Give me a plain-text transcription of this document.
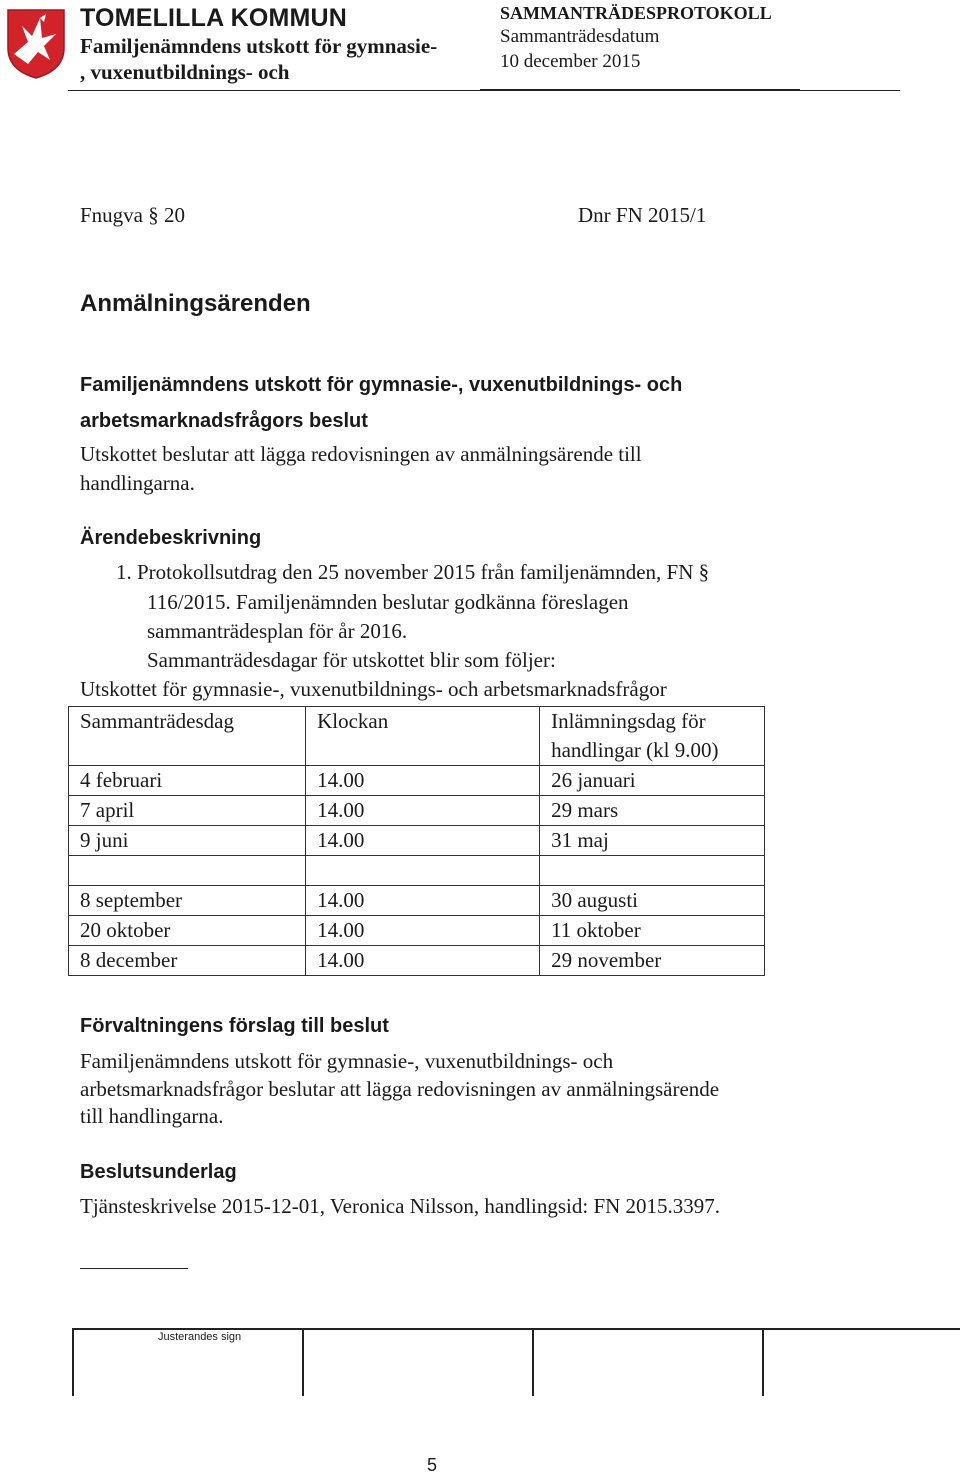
TOMELILLA KOMMUN
Familjenämndens utskott för gymnasie-
, vuxenutbildnings- och
SAMMANTRÄDESPROTOKOLL
Sammanträdesdatum
10 december 2015
Fnugva § 20	Dnr FN 2015/1
Anmälningsärenden
Familjenämndens utskott för gymnasie-, vuxenutbildnings- och
arbetsmarknadsfrågors beslut
Utskottet beslutar att lägga redovisningen av anmälningsärende till
handlingarna.
Ärendebeskrivning
1. Protokollsutdrag den 25 november 2015 från familjenämnden, FN §
116/2015. Familjenämnden beslutar godkänna föreslagen
sammanträdesplan för år 2016.
Sammanträdesdagar för utskottet blir som följer:
Utskottet för gymnasie-, vuxenutbildnings- och arbetsmarknadsfrågor
Sammanträdesdag	Klockan	Inlämningsdag för
handlingar (kl 9.00)

4 februari	14.00	26 januari
7 april	14.00	29 mars
9 juni	14.00	31 maj

8 september	14.00	30 augusti
20 oktober	14.00	11 oktober
8 december	14.00	29 november
Förvaltningens förslag till beslut
Familjenämndens utskott för gymnasie-, vuxenutbildnings- och
arbetsmarknadsfrågor beslutar att lägga redovisningen av anmälningsärende
till handlingarna.
Beslutsunderlag
Tjänsteskrivelse 2015-12-01, Veronica Nilsson, handlingsid: FN 2015.3397.
Justerandes sign
5
